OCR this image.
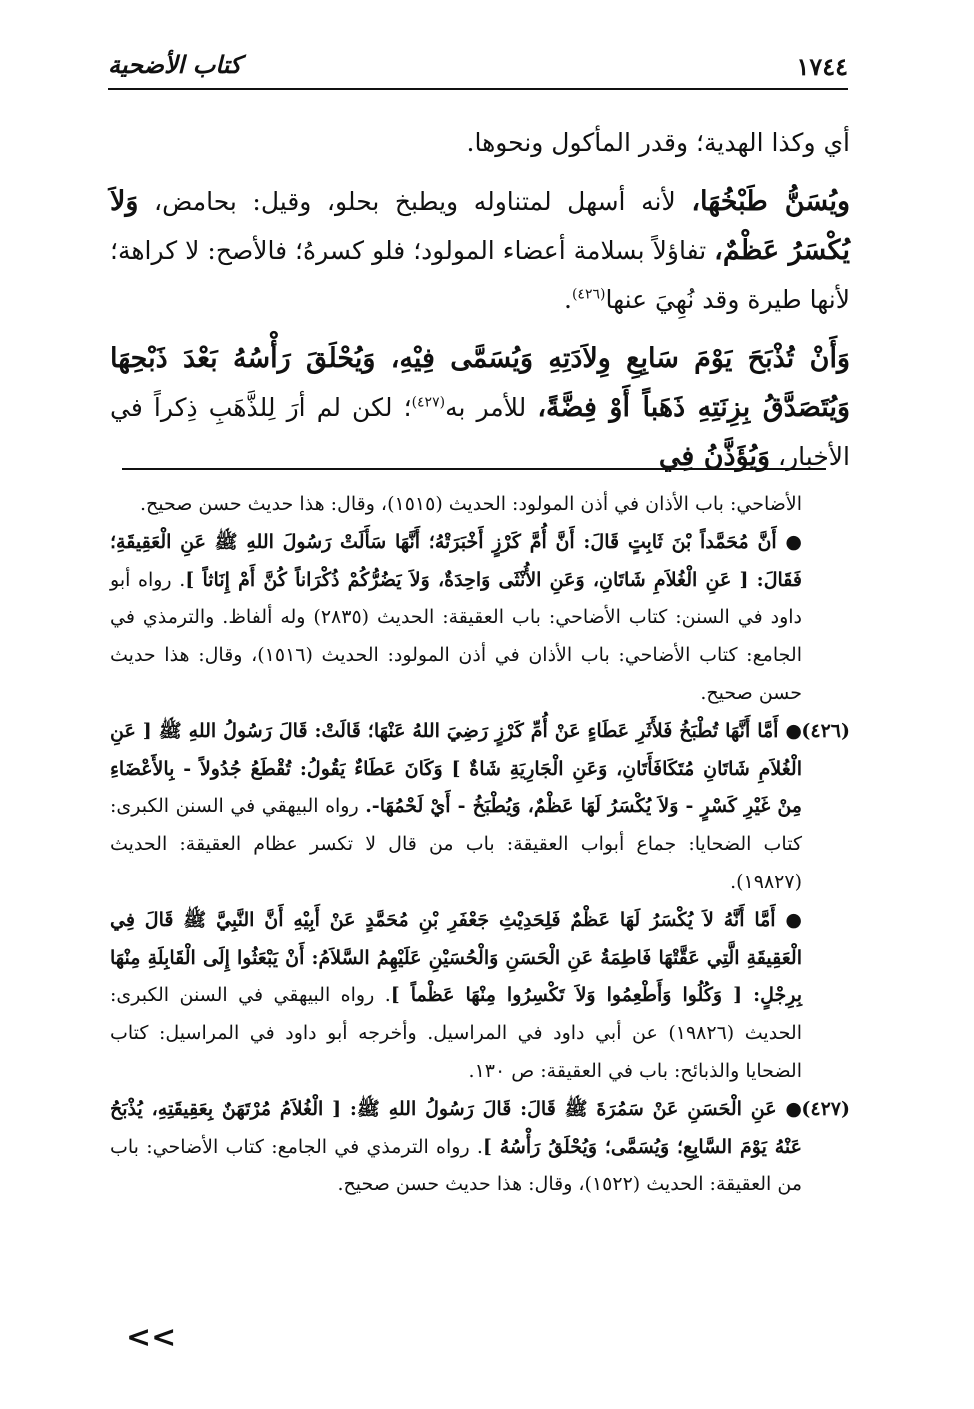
١٧٤٤
كتاب الأضحية

أي وكذا الهدية؛ وقدر المأكول ونحوها.

ويُسَنُّ طَبْخُهَا، لأنه أسهل لمتناوله ويطبخ بحلو، وقيل: بحامض، وَلاَ يُكْسَرُ عَظْمٌ، تفاؤلاً بسلامة أعضاء المولود؛ فلو كسرهُ؛ فالأصح: لا كراهة؛ لأنها طيرة وقد نُهِيَ عنها$^{(٤٢٦)}$.

وَأَنْ تُذْبَحَ يَوْمَ سَابِعِ وِلاَدَتِهِ وَيُسَمَّى فِيْهِ، وَيُحْلَقَ رَأْسُهُ بَعْدَ ذَبْحِهَا وَيُتَصَدَّقُ بِزِنَتِهِ ذَهَباً أَوْ فِضَّةً، للأمر به$^{(٤٢٧)}$؛ لكن لم أرَ لِلذَّهَبِ ذِكراً في الأخبار، وَيُؤَذَّنُ فِي

الأضاحي: باب الأذان في أذن المولود: الحديث (١٥١٥)، وقال: هذا حديث حسن صحيح.

● أَنَّ مُحَمَّداً بْنَ ثَابِتٍ قَالَ: أَنَّ أُمَّ كَرْزٍ أَخْبَرَتْهُ؛ أَنَّهَا سَأَلَتْ رَسُولَ اللهِ ﷺ عَنِ الْعَقِيقَةِ؛ فَقَالَ: [ عَنِ الْغُلاَمِ شَاتَانِ، وَعَنِ الأُنْثَى وَاحِدَةٌ، وَلاَ يَضُرُّكُمْ ذُكْرَاناً كُنَّ أَمْ إِنَاثاً ]. رواه أبو داود في السنن: كتاب الأضاحي: باب العقيقة: الحديث (٢٨٣٥) وله ألفاظ. والترمذي في الجامع: كتاب الأضاحي: باب الأذان في أذن المولود: الحديث (١٥١٦)، وقال: هذا حديث حسن صحيح.

(٤٢٦)
● أَمَّا أَنَّهَا تُطْبَخُ فَلأَثَرِ عَطَاءٍ عَنْ أُمِّ كَرْزٍ رَضِيَ اللهُ عَنْهَا؛ قَالَتْ: قَالَ رَسُولُ اللهِ ﷺ [ عَنِ الْغُلاَمِ شَاتَانِ مُتَكَافَأَتَانِ، وَعَنِ الْجَارِيَةِ شَاةٌ ] وَكَانَ عَطَاءٌ يَقُولُ: تُقْطَعُ جُدُولاً - بِالأَعْضَاءِ مِنْ غَيْرِ كَسْرٍ - وَلاَ يُكْسَرُ لَهَا عَظْمٌ، وَيُطْبَخُ - أَيْ لَحْمُهَا-. رواه البيهقي في السنن الكبرى: كتاب الضحايا: جماع أبواب العقيقة: باب من قال لا تكسر عظام العقيقة: الحديث (١٩٨٢٧).

● أَمَّا أَنَّهُ لاَ يُكْسَرُ لَهَا عَظْمٌ فَلِحَدِيْثِ جَعْفَرِ بْنِ مُحَمَّدٍ عَنْ أَبِيْهِ أَنَّ النَّبِيَّ ﷺ قَالَ فِي الْعَقِيقَةِ الَّتِي عَقَّتْهَا فَاطِمَةُ عَنِ الْحَسَنِ وَالْحُسَيْنِ عَلَيْهِمُ السَّلاَمُ: أَنْ يَبْعَثُوا إِلَى الْقَابِلَةِ مِنْهَا بِرِجْلٍ: [ وَكُلُوا وَأَطْعِمُوا وَلاَ تَكْسِرُوا مِنْهَا عَظْماً ]. رواه البيهقي في السنن الكبرى: الحديث (١٩٨٢٦) عن أبي داود في المراسيل. وأخرجه أبو داود في المراسيل: كتاب الضحايا والذبائح: باب في العقيقة: ص ١٣٠.

(٤٢٧)
● عَنِ الْحَسَنِ عَنْ سَمُرَةَ ﷺ قَالَ: قَالَ رَسُولُ اللهِ ﷺ: [ الْغُلاَمُ مُرْتَهَنٌ بِعَقِيقَتِهِ، يُذْبَحُ عَنْهُ يَوْمَ السَّابِعِ؛ وَيُسَمَّى؛ وَيُحْلَقُ رَأْسُهُ ]. رواه الترمذي في الجامع: كتاب الأضاحي: باب من العقيقة: الحديث (١٥٢٢)، وقال: هذا حديث حسن صحيح.

<<
